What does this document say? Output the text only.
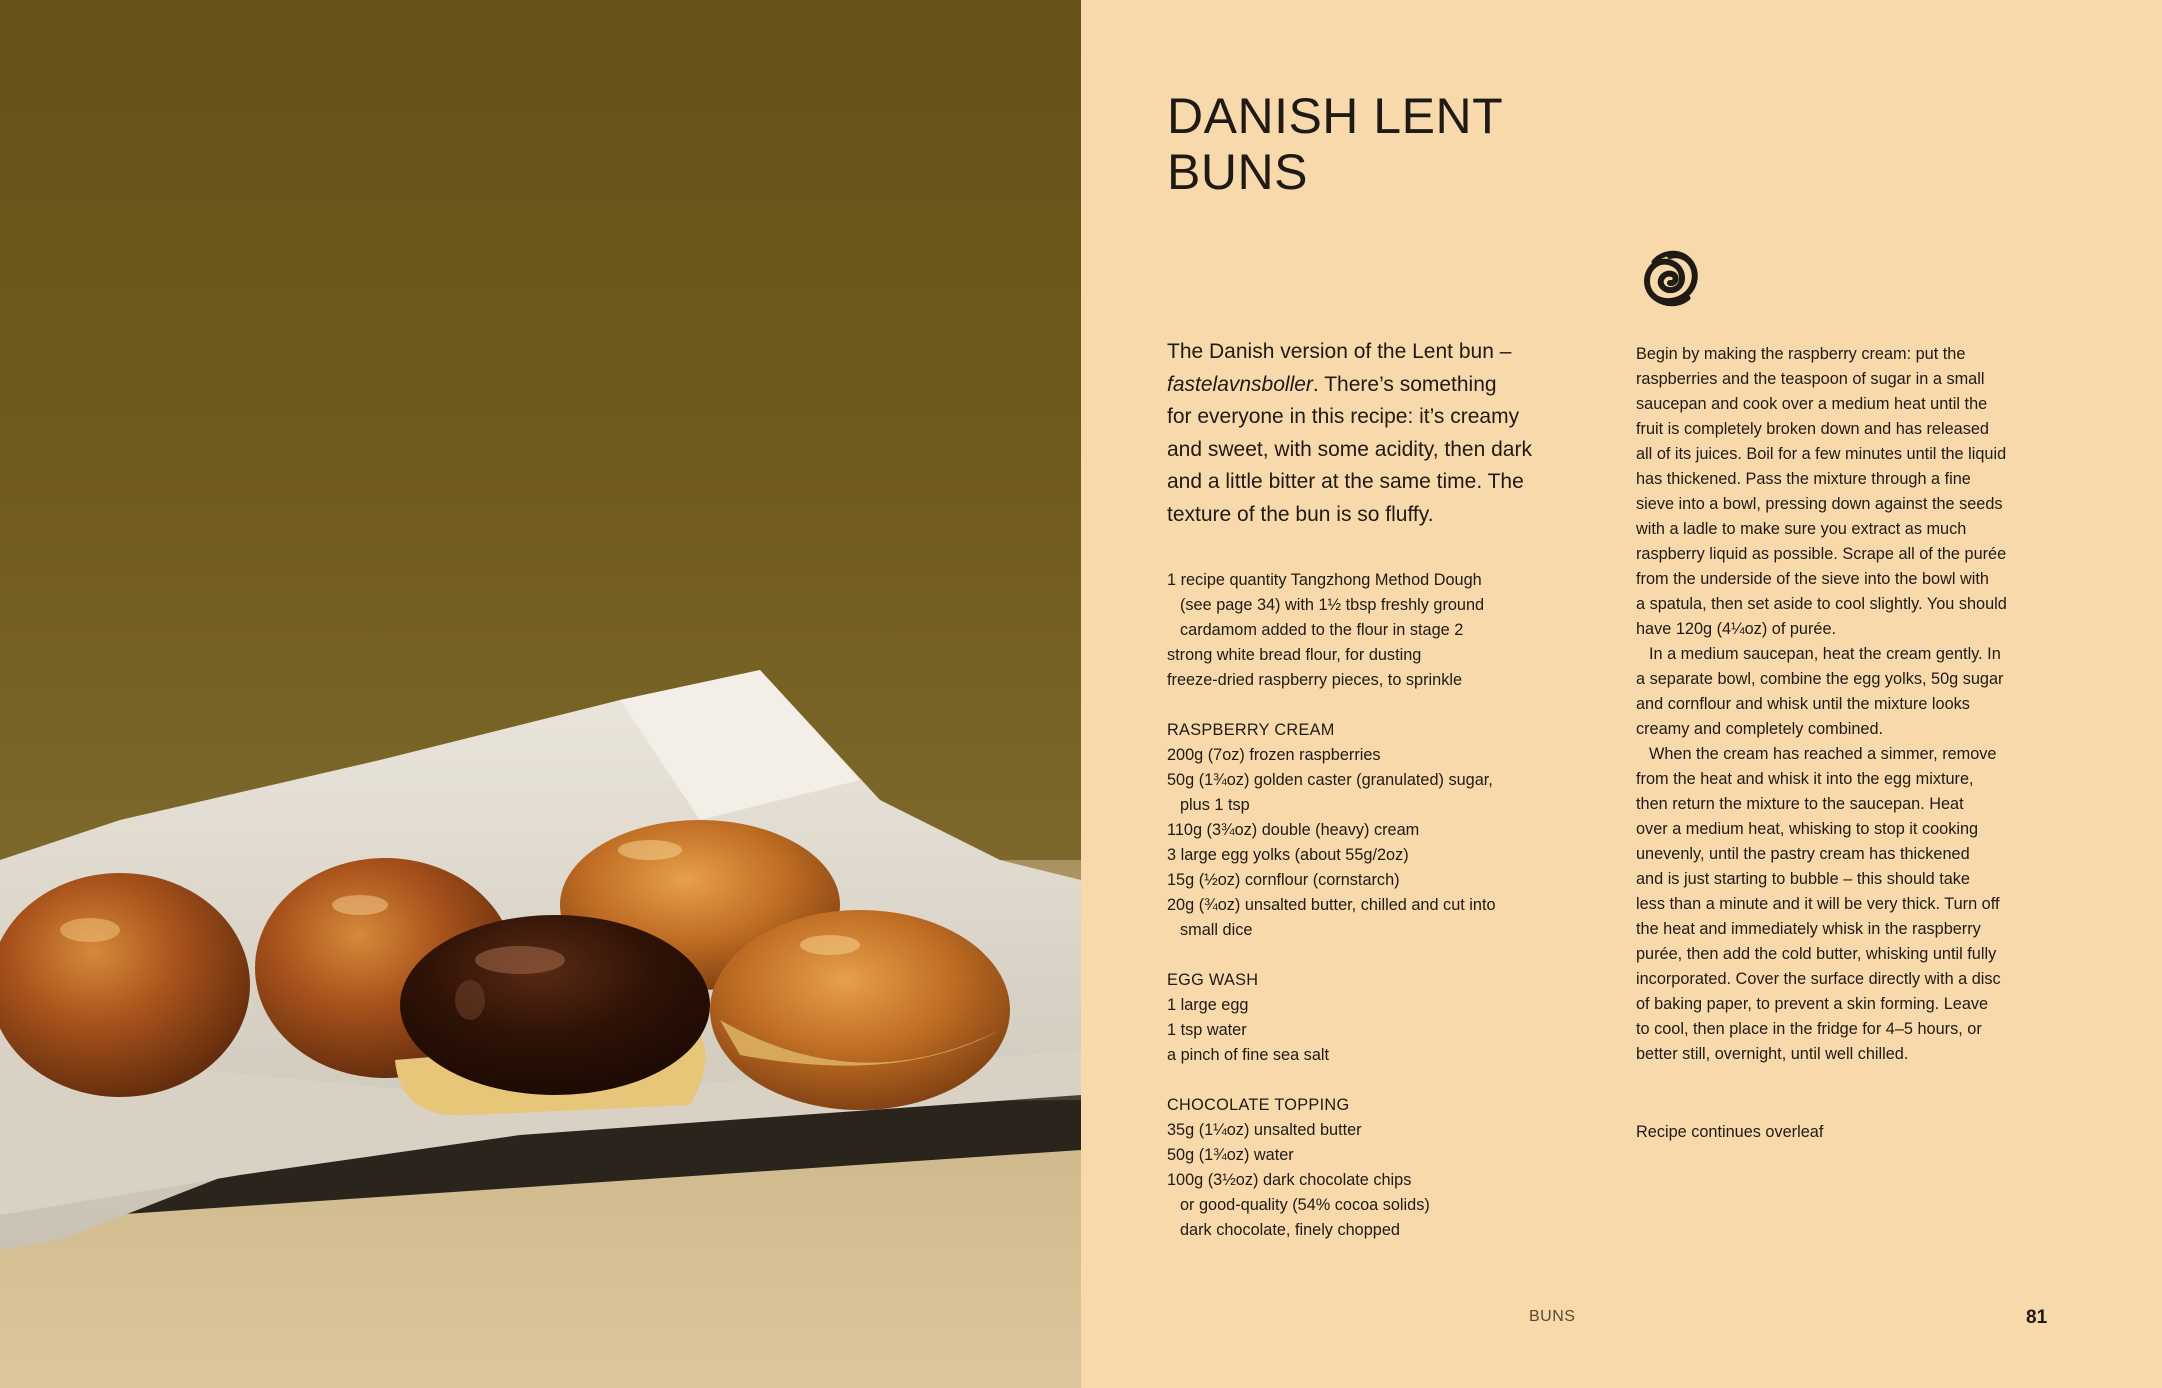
DANISH LENT
BUNS
The Danish version of the Lent bun –
fastelavnsboller. There’s something
for everyone in this recipe: it’s creamy
and sweet, with some acidity, then dark
and a little bitter at the same time. The
texture of the bun is so fluffy.
1 recipe quantity Tangzhong Method Dough
(see page 34) with 1½ tbsp freshly ground
cardamom added to the flour in stage 2
strong white bread flour, for dusting
freeze-dried raspberry pieces, to sprinkle
RASPBERRY CREAM
200g (7oz) frozen raspberries
50g (1¾oz) golden caster (granulated) sugar,
plus 1 tsp
110g (3¾oz) double (heavy) cream
3 large egg yolks (about 55g/2oz)
15g (½oz) cornflour (cornstarch)
20g (¾oz) unsalted butter, chilled and cut into
small dice
EGG WASH
1 large egg
1 tsp water
a pinch of fine sea salt
CHOCOLATE TOPPING
35g (1¼oz) unsalted butter
50g (1¾oz) water
100g (3½oz) dark chocolate chips
or good-quality (54% cocoa solids)
dark chocolate, finely chopped
Begin by making the raspberry cream: put the
raspberries and the teaspoon of sugar in a small
saucepan and cook over a medium heat until the
fruit is completely broken down and has released
all of its juices. Boil for a few minutes until the liquid
has thickened. Pass the mixture through a fine
sieve into a bowl, pressing down against the seeds
with a ladle to make sure you extract as much
raspberry liquid as possible. Scrape all of the purée
from the underside of the sieve into the bowl with
a spatula, then set aside to cool slightly. You should
have 120g (4¼oz) of purée.
In a medium saucepan, heat the cream gently. In
a separate bowl, combine the egg yolks, 50g sugar
and cornflour and whisk until the mixture looks
creamy and completely combined.
When the cream has reached a simmer, remove
from the heat and whisk it into the egg mixture,
then return the mixture to the saucepan. Heat
over a medium heat, whisking to stop it cooking
unevenly, until the pastry cream has thickened
and is just starting to bubble – this should take
less than a minute and it will be very thick. Turn off
the heat and immediately whisk in the raspberry
purée, then add the cold butter, whisking until fully
incorporated. Cover the surface directly with a disc
of baking paper, to prevent a skin forming. Leave
to cool, then place in the fridge for 4–5 hours, or
better still, overnight, until well chilled.
Recipe continues overleaf
BUNS	81
